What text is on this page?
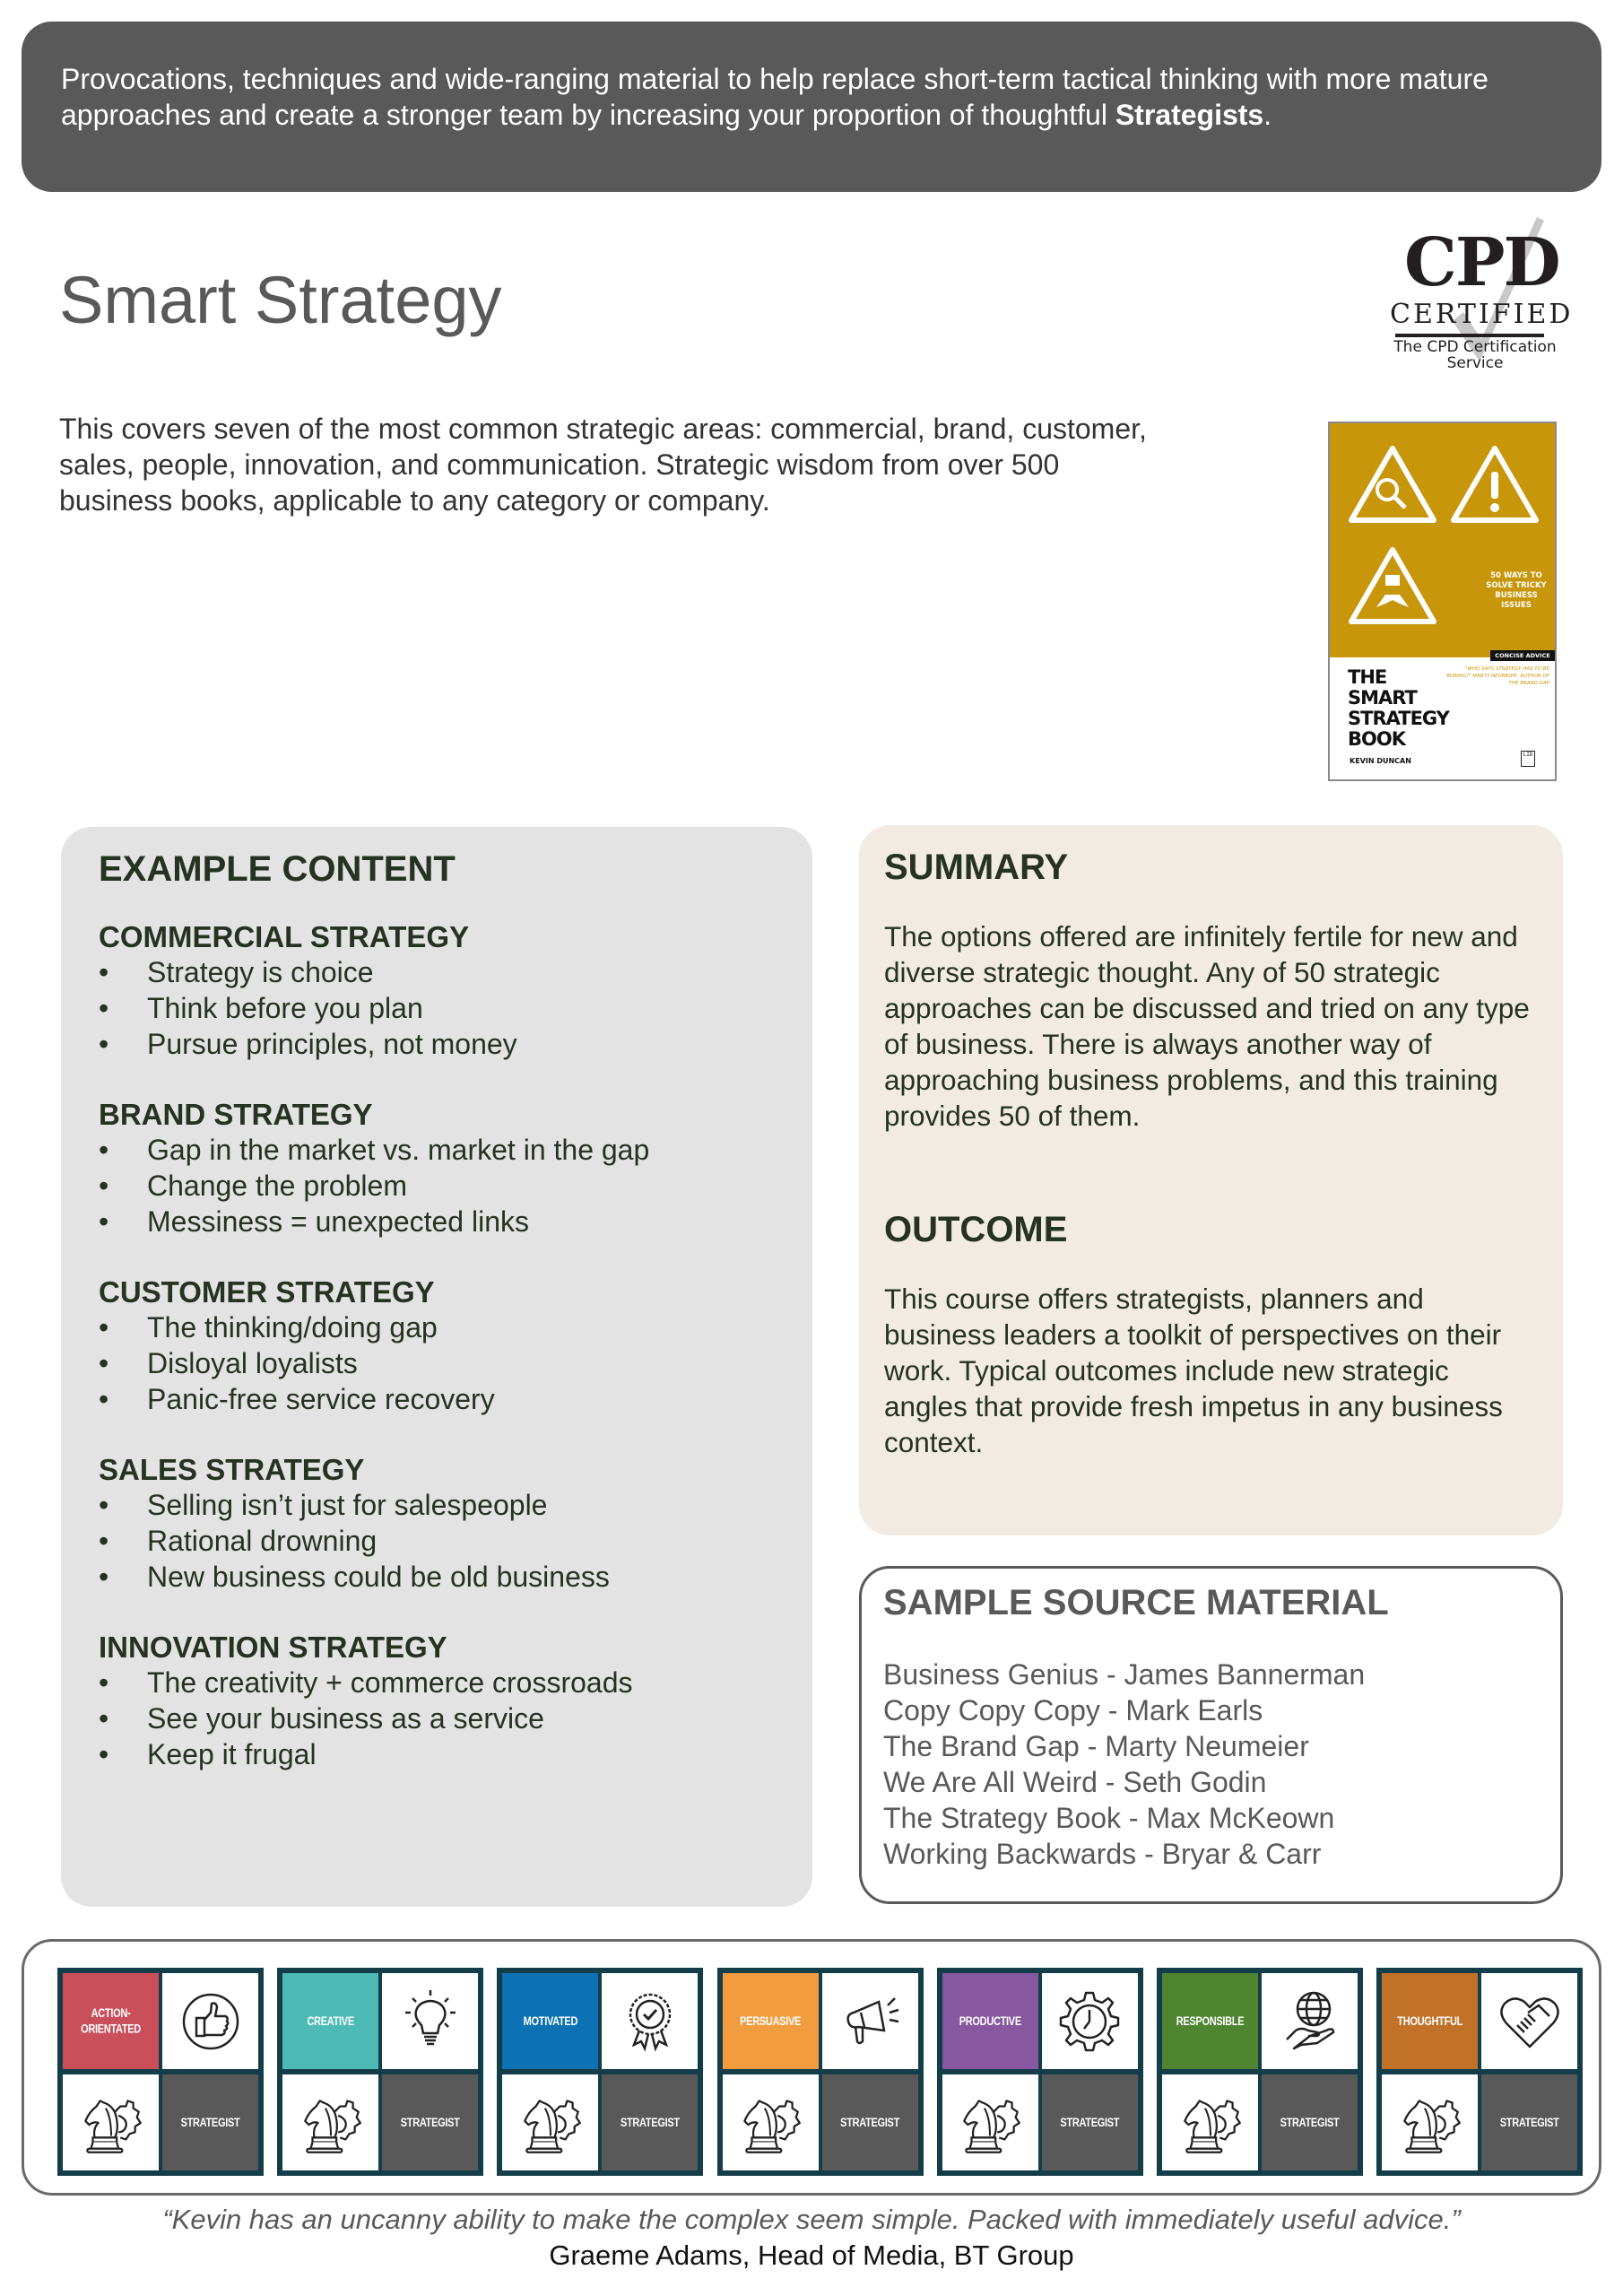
Provocations, techniques and wide-ranging material to help replace short-term tactical thinking with more mature approaches and create a stronger team by increasing your proportion of thoughtful Strategists.
Smart Strategy	CPD
CERTIFIED
The CPD Certification
Service

This covers seven of the most common strategic areas: commercial, brand, customer, sales, people, innovation, and communication. Strategic wisdom from over 500 business books, applicable to any category or company.

50 WAYS TO SOLVE TRICKY BUSINESS ISSUES
CONCISE ADVICE
"WHO SAYS STRATEGY HAS TO BE BORING?" MARTY NEUMEIER, AUTHOR OF THE BRAND GAP
THE
SMART
STRATEGY
BOOK
KEVIN DUNCAN
LID
EXAMPLE CONTENT
COMMERCIAL STRATEGY
• Strategy is choice
• Think before you plan
• Pursue principles, not money
BRAND STRATEGY
• Gap in the market vs. market in the gap
• Change the problem
• Messiness = unexpected links
CUSTOMER STRATEGY
• The thinking/doing gap
• Disloyal loyalists
• Panic-free service recovery
SALES STRATEGY
• Selling isn’t just for salespeople
• Rational drowning
• New business could be old business
INNOVATION STRATEGY
• The creativity + commerce crossroads
• See your business as a service
• Keep it frugal
SUMMARY

The options offered are infinitely fertile for new and diverse strategic thought. Any of 50 strategic approaches can be discussed and tried on any type of business. There is always another way of approaching business problems, and this training provides 50 of them.

OUTCOME

This course offers strategists, planners and business leaders a toolkit of perspectives on their work. Typical outcomes include new strategic angles that provide fresh impetus in any business context.

SAMPLE SOURCE MATERIAL
Business Genius - James Bannerman
Copy Copy Copy - Mark Earls
The Brand Gap - Marty Neumeier
We Are All Weird - Seth Godin
The Strategy Book - Max McKeown
Working Backwards - Bryar & Carr
ACTION-
ORIENTATED
STRATEGIST
CREATIVE
STRATEGIST
MOTIVATED
STRATEGIST
PERSUASIVE
STRATEGIST
PRODUCTIVE
STRATEGIST
RESPONSIBLE
STRATEGIST
THOUGHTFUL
STRATEGIST

“Kevin has an uncanny ability to make the complex seem simple. Packed with immediately useful advice.”

Graeme Adams, Head of Media, BT Group
